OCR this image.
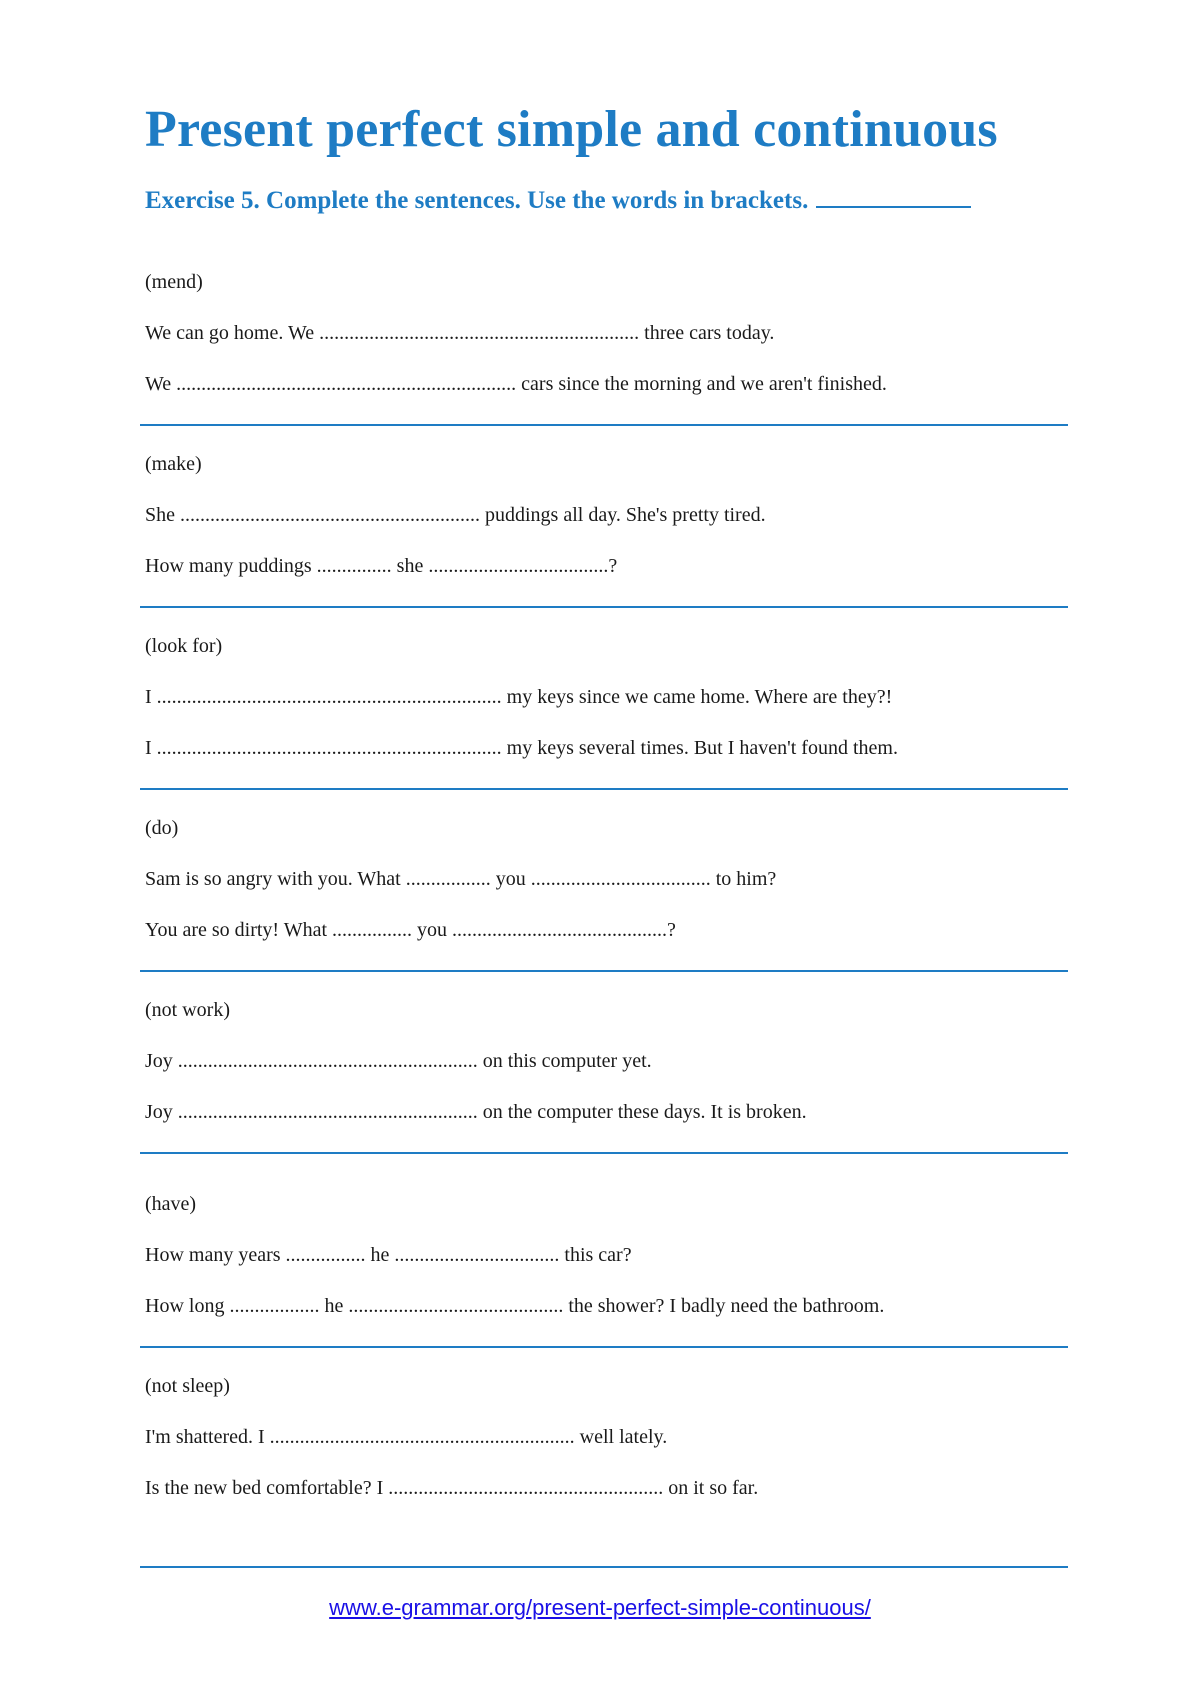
Present perfect simple and continuous

Exercise 5. Complete the sentences. Use the words in brackets.

(mend)

We can go home. We ................................................................ three cars today.

We .................................................................... cars since the morning and we aren't finished.

(make)

She ............................................................ puddings all day. She's pretty tired.

How many puddings ............... she ....................................?

(look for)

I ..................................................................... my keys since we came home. Where are they?!

I ..................................................................... my keys several times. But I haven't found them.

(do)

Sam is so angry with you. What ................. you .................................... to him?

You are so dirty! What ................ you ...........................................?

(not work)

Joy ............................................................ on this computer yet.

Joy ............................................................ on the computer these days. It is broken.

(have)

How many years ................ he ................................. this car?

How long .................. he ........................................... the shower? I badly need the bathroom.

(not sleep)

I'm shattered. I ............................................................. well lately.

Is the new bed comfortable? I ....................................................... on it so far.

www.e-grammar.org/present-perfect-simple-continuous/
